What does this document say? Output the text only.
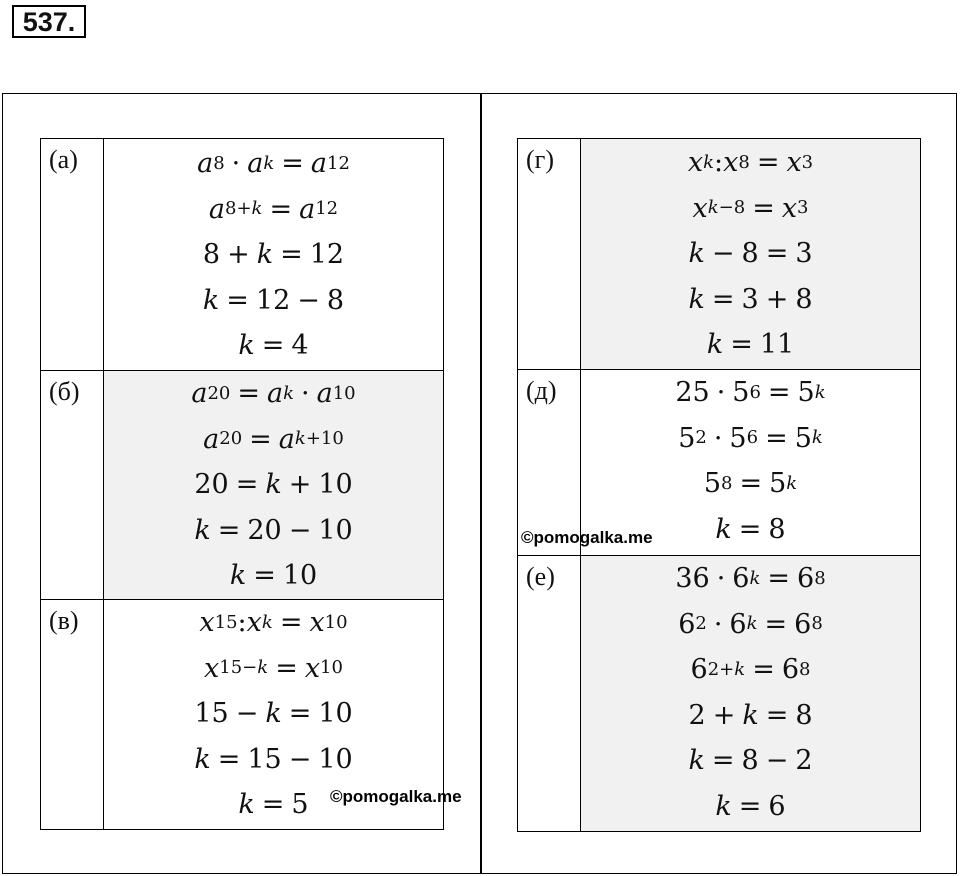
537.
(а)	a 8 · a k = a 12
a 8+ k = a 12
8 + k = 12
k = 12 − 8
k = 4
(б)	a 20 = a k · a 10
a 20 = a k +10
20 = k + 10
k = 20 − 10
k = 10
(в)	x 15 : x k = x 10
x 15− k = x 10
15 − k = 10
k = 15 − 10
k = 5
(г)	x k : x 8 = x 3
x k −8 = x 3
k − 8 = 3
k = 3 + 8
k = 11
(д)	25 · 5 6 = 5 k
5 2 · 5 6 = 5 k
5 8 = 5 k
k = 8
(е)	36 · 6 k = 6 8
6 2 · 6 k = 6 8
6 2+ k = 6 8
2 + k = 8
k = 8 − 2
k = 6
©pomogalka.me
©pomogalka.me
